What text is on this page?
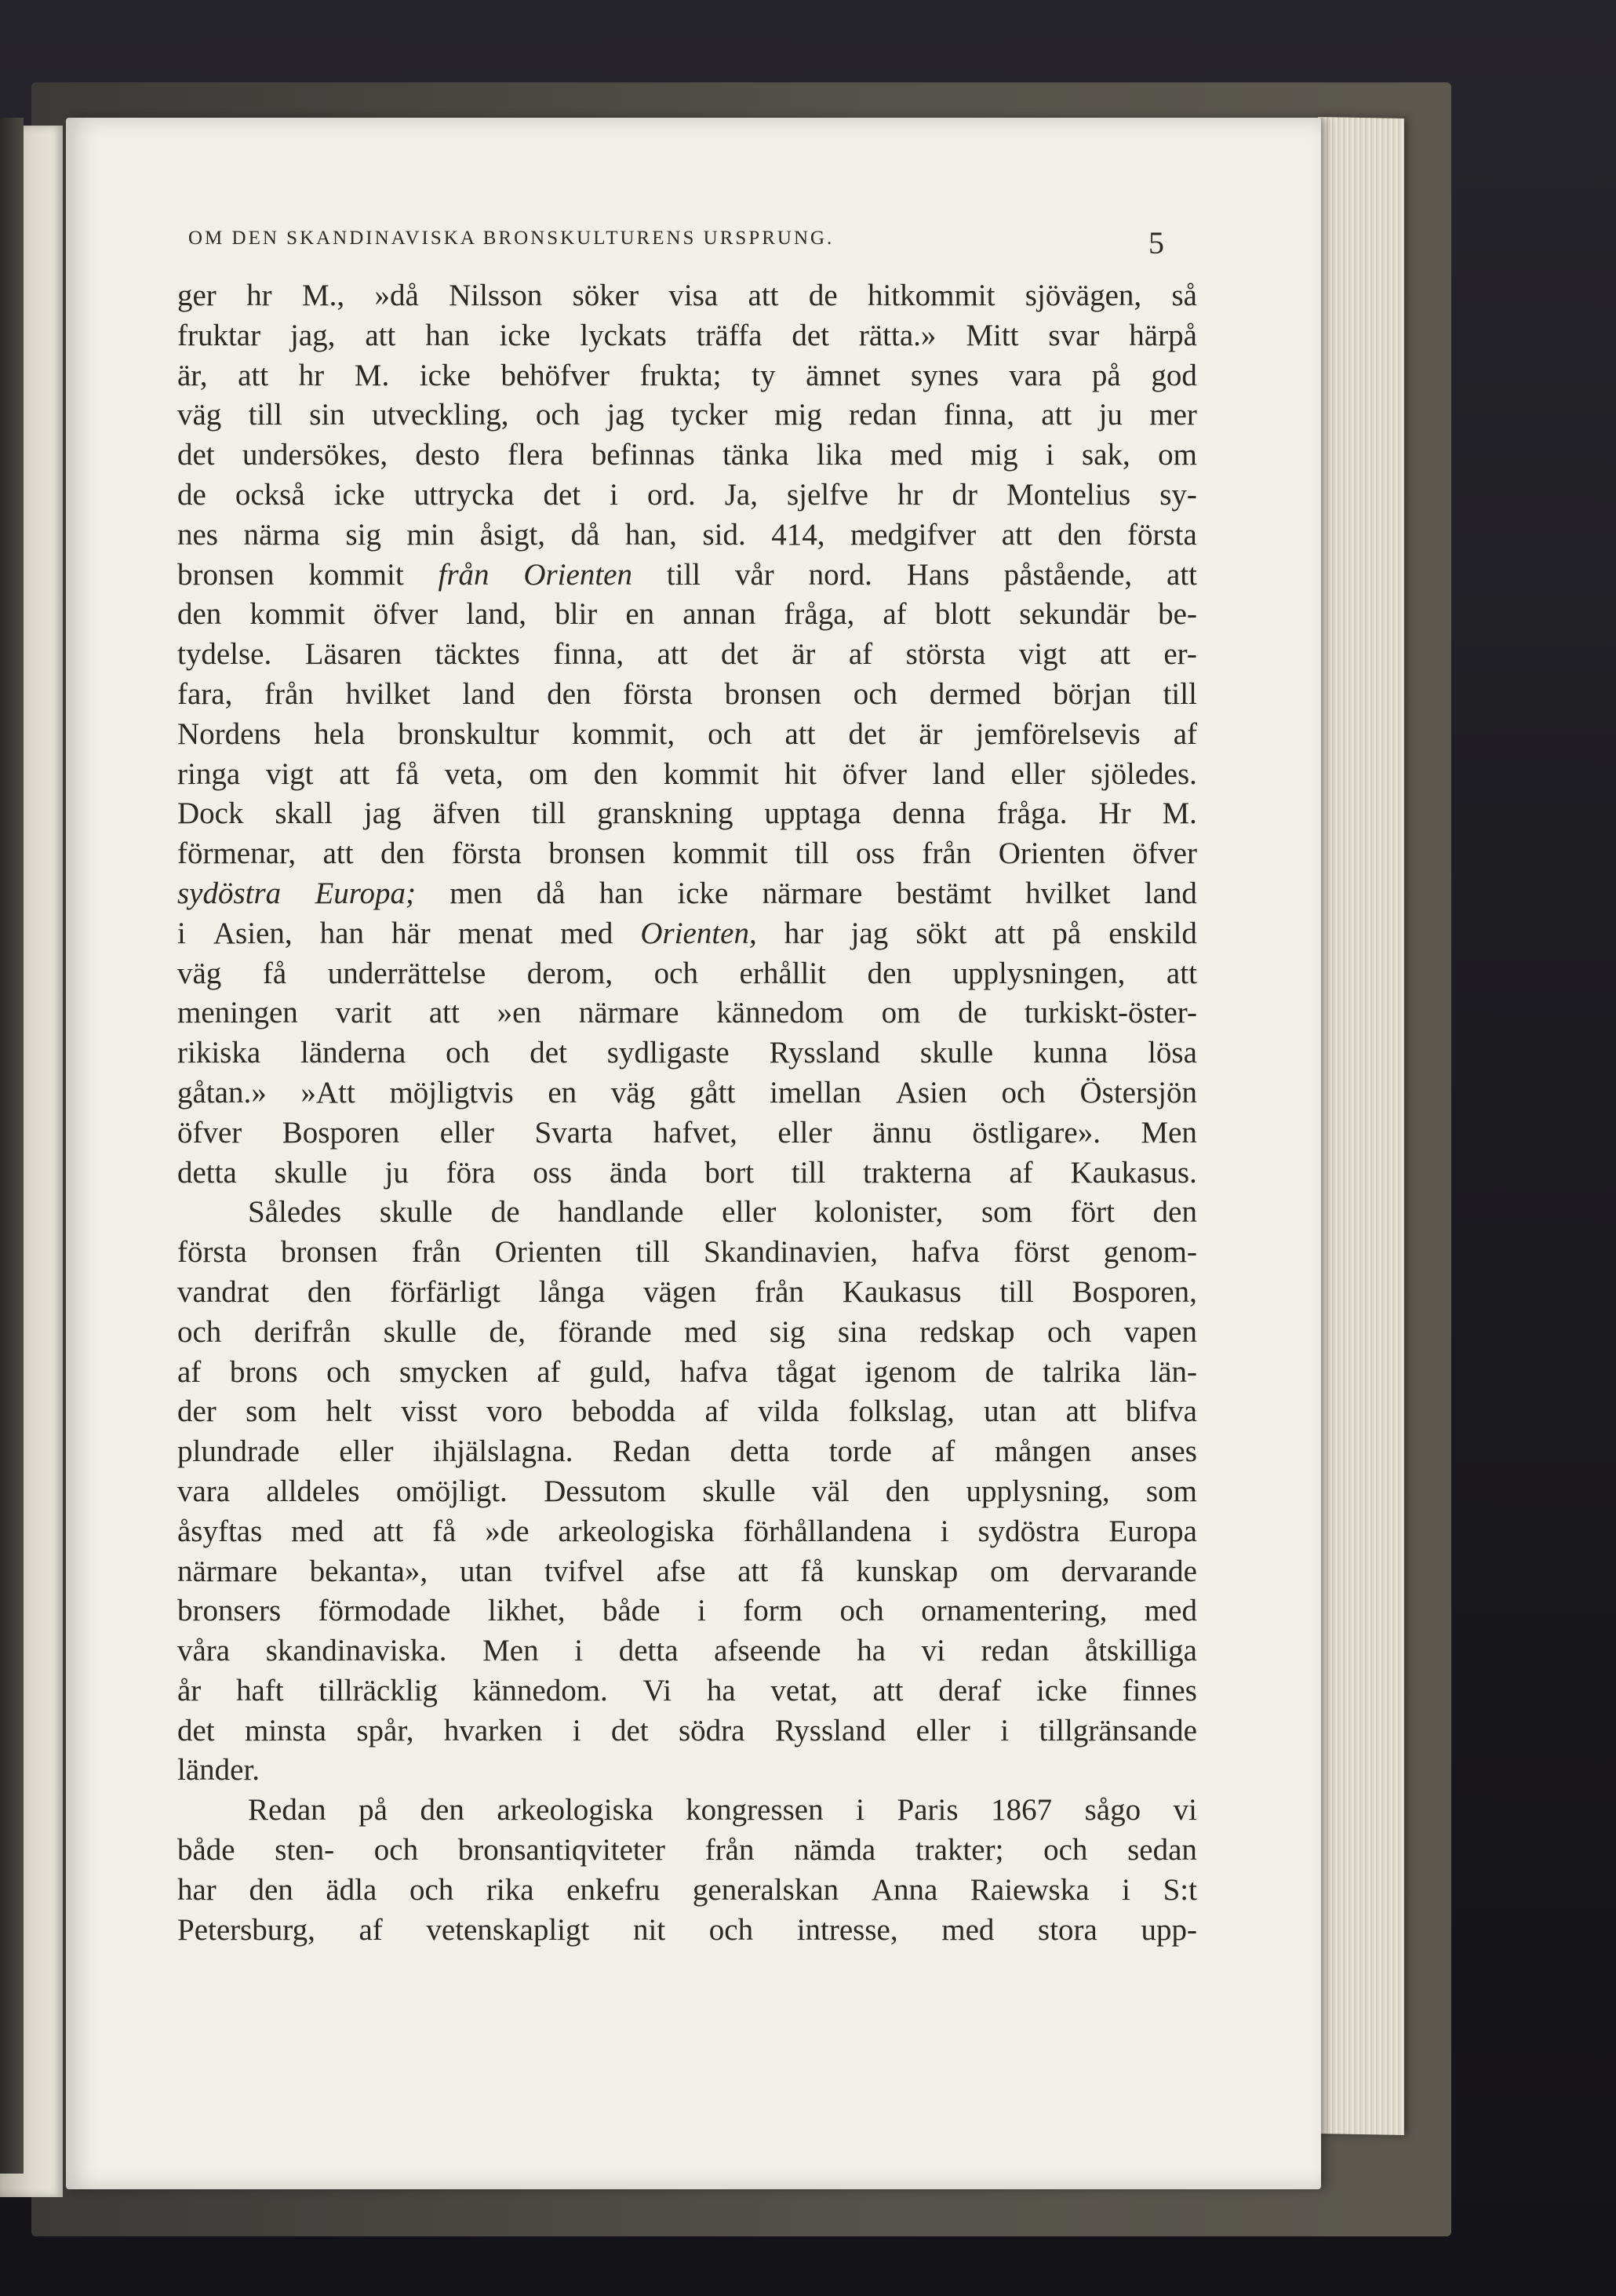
OM DEN SKANDINAVISKA BRONSKULTURENS URSPRUNG.	5
ger hr M., »då Nilsson söker visa att de hitkommit sjövägen, så
fruktar jag, att han icke lyckats träffa det rätta.» Mitt svar härpå
är, att hr M. icke behöfver frukta; ty ämnet synes vara på god
väg till sin utveckling, och jag tycker mig redan finna, att ju mer
det undersökes, desto flera befinnas tänka lika med mig i sak, om
de också icke uttrycka det i ord. Ja, sjelfve hr dr Montelius sy-
nes närma sig min åsigt, då han, sid. 414, medgifver att den första
bronsen kommit från Orienten till vår nord. Hans påstående, att
den kommit öfver land, blir en annan fråga, af blott sekundär be-
tydelse. Läsaren täcktes finna, att det är af största vigt att er-
fara, från hvilket land den första bronsen och dermed början till
Nordens hela bronskultur kommit, och att det är jemförelsevis af
ringa vigt att få veta, om den kommit hit öfver land eller sjöledes.
Dock skall jag äfven till granskning upptaga denna fråga. Hr M.
förmenar, att den första bronsen kommit till oss från Orienten öfver
sydöstra Europa; men då han icke närmare bestämt hvilket land
i Asien, han här menat med Orienten, har jag sökt att på enskild
väg få underrättelse derom, och erhållit den upplysningen, att
meningen varit att »en närmare kännedom om de turkiskt-öster-
rikiska länderna och det sydligaste Ryssland skulle kunna lösa
gåtan.» »Att möjligtvis en väg gått imellan Asien och Östersjön
öfver Bosporen eller Svarta hafvet, eller ännu östligare». Men
detta skulle ju föra oss ända bort till trakterna af Kaukasus.
Således skulle de handlande eller kolonister, som fört den
första bronsen från Orienten till Skandinavien, hafva först genom-
vandrat den förfärligt långa vägen från Kaukasus till Bosporen,
och derifrån skulle de, förande med sig sina redskap och vapen
af brons och smycken af guld, hafva tågat igenom de talrika län-
der som helt visst voro bebodda af vilda folkslag, utan att blifva
plundrade eller ihjälslagna. Redan detta torde af mången anses
vara alldeles omöjligt. Dessutom skulle väl den upplysning, som
åsyftas med att få »de arkeologiska förhållandena i sydöstra Europa
närmare bekanta», utan tvifvel afse att få kunskap om dervarande
bronsers förmodade likhet, både i form och ornamentering, med
våra skandinaviska. Men i detta afseende ha vi redan åtskilliga
år haft tillräcklig kännedom. Vi ha vetat, att deraf icke finnes
det minsta spår, hvarken i det södra Ryssland eller i tillgränsande
länder.
Redan på den arkeologiska kongressen i Paris 1867 sågo vi
både sten- och bronsantiqviteter från nämda trakter; och sedan
har den ädla och rika enkefru generalskan Anna Raiewska i S:t
Petersburg, af vetenskapligt nit och intresse, med stora upp-
